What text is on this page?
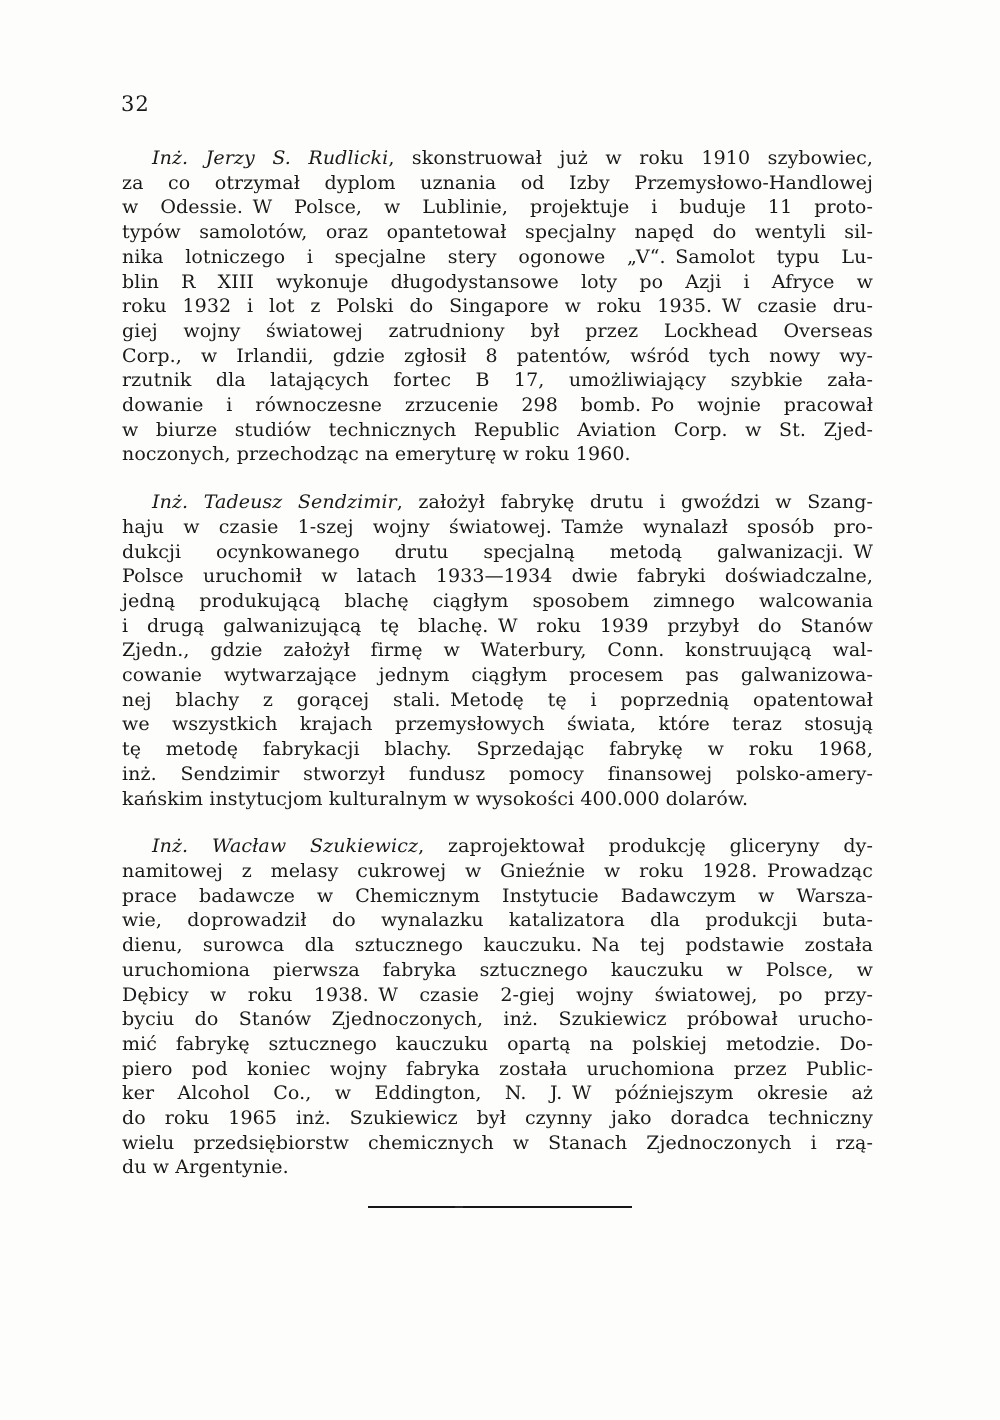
32
Inż. Jerzy S. Rudlicki, skonstruował już w roku 1910 szybowiec,
za co otrzymał dyplom uznania od Izby Przemysłowo-Handlowej
w Odessie. W Polsce, w Lublinie, projektuje i buduje 11 proto-
typów samolotów, oraz opantetował specjalny napęd do wentyli sil-
nika lotniczego i specjalne stery ogonowe „V“. Samolot typu Lu-
blin R XIII wykonuje długodystansowe loty po Azji i Afryce w
roku 1932 i lot z Polski do Singapore w roku 1935. W czasie dru-
giej wojny światowej zatrudniony był przez Lockhead Overseas
Corp., w Irlandii, gdzie zgłosił 8 patentów, wśród tych nowy wy-
rzutnik dla latających fortec B 17, umożliwiający szybkie zała-
dowanie i równoczesne zrzucenie 298 bomb. Po wojnie pracował
w biurze studiów technicznych Republic Aviation Corp. w St. Zjed-
noczonych, przechodząc na emeryturę w roku 1960.
Inż. Tadeusz Sendzimir, założył fabrykę drutu i gwoździ w Szang-
haju w czasie 1-szej wojny światowej. Tamże wynalazł sposób pro-
dukcji ocynkowanego drutu specjalną metodą galwanizacji. W
Polsce uruchomił w latach 1933—1934 dwie fabryki doświadczalne,
jedną produkującą blachę ciągłym sposobem zimnego walcowania
i drugą galwanizującą tę blachę. W roku 1939 przybył do Stanów
Zjedn., gdzie założył firmę w Waterbury, Conn. konstruującą wal-
cowanie wytwarzające jednym ciągłym procesem pas galwanizowa-
nej blachy z gorącej stali. Metodę tę i poprzednią opatentował
we wszystkich krajach przemysłowych świata, które teraz stosują
tę metodę fabrykacji blachy. Sprzedając fabrykę w roku 1968,
inż. Sendzimir stworzył fundusz pomocy finansowej polsko-amery-
kańskim instytucjom kulturalnym w wysokości 400.000 dolarów.
Inż. Wacław Szukiewicz, zaprojektował produkcję gliceryny dy-
namitowej z melasy cukrowej w Gnieźnie w roku 1928. Prowadząc
prace badawcze w Chemicznym Instytucie Badawczym w Warsza-
wie, doprowadził do wynalazku katalizatora dla produkcji buta-
dienu, surowca dla sztucznego kauczuku. Na tej podstawie została
uruchomiona pierwsza fabryka sztucznego kauczuku w Polsce, w
Dębicy w roku 1938. W czasie 2-giej wojny światowej, po przy-
byciu do Stanów Zjednoczonych, inż. Szukiewicz próbował urucho-
mić fabrykę sztucznego kauczuku opartą na polskiej metodzie. Do-
piero pod koniec wojny fabryka została uruchomiona przez Public-
ker Alcohol Co., w Eddington, N. J. W późniejszym okresie aż
do roku 1965 inż. Szukiewicz był czynny jako doradca techniczny
wielu przedsiębiorstw chemicznych w Stanach Zjednoczonych i rzą-
du w Argentynie.
